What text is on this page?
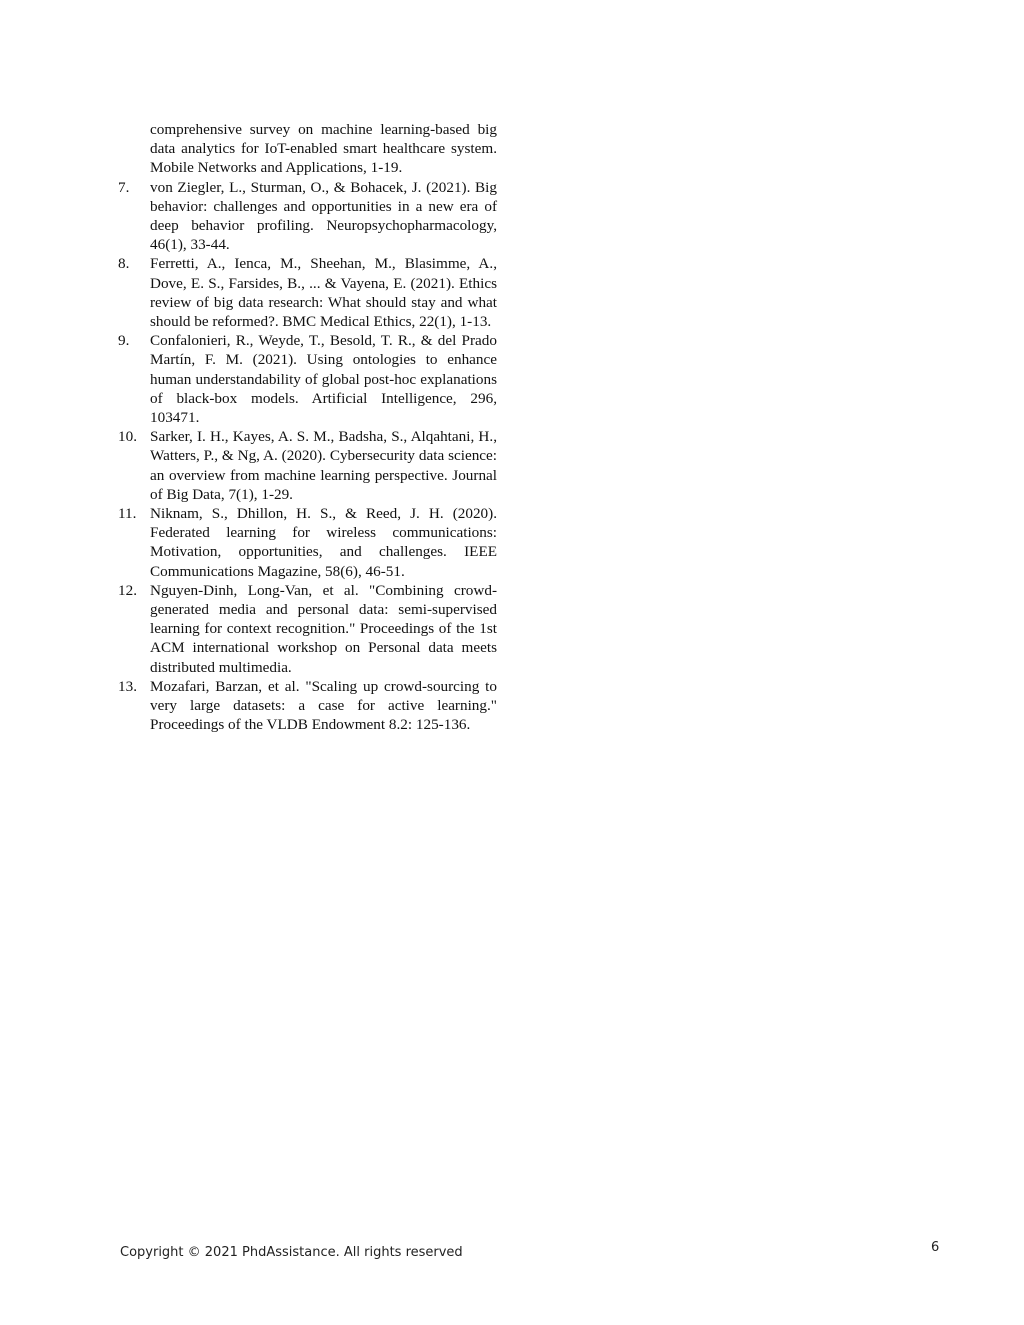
comprehensive survey on machine learning-based big data analytics for IoT-enabled smart healthcare system. Mobile Networks and Applications, 1-19.
7.	von Ziegler, L., Sturman, O., & Bohacek, J. (2021). Big behavior: challenges and opportunities in a new era of deep behavior profiling. Neuropsychopharmacology, 46(1), 33-44.
8.	Ferretti, A., Ienca, M., Sheehan, M., Blasimme, A., Dove, E. S., Farsides, B., ... & Vayena, E. (2021). Ethics review of big data research: What should stay and what should be reformed?. BMC Medical Ethics, 22(1), 1-13.
9.	Confalonieri, R., Weyde, T., Besold, T. R., & del Prado Martín, F. M. (2021). Using ontologies to enhance human understandability of global post-hoc explanations of black-box models. Artificial Intelligence, 296, 103471.
10. Sarker, I. H., Kayes, A. S. M., Badsha, S., Alqahtani, H., Watters, P., & Ng, A. (2020). Cybersecurity data science: an overview from machine learning perspective. Journal of Big Data, 7(1), 1-29.
11. Niknam, S., Dhillon, H. S., & Reed, J. H. (2020). Federated learning for wireless communications: Motivation, opportunities, and challenges. IEEE Communications Magazine, 58(6), 46-51.
12. Nguyen-Dinh, Long-Van, et al. "Combining crowd-generated media and personal data: semi-supervised learning for context recognition." Proceedings of the 1st ACM international workshop on Personal data meets distributed multimedia.
13. Mozafari, Barzan, et al. "Scaling up crowd-sourcing to very large datasets: a case for active learning." Proceedings of the VLDB Endowment 8.2: 125-136.
Copyright © 2021 PhdAssistance. All rights reserved	6
